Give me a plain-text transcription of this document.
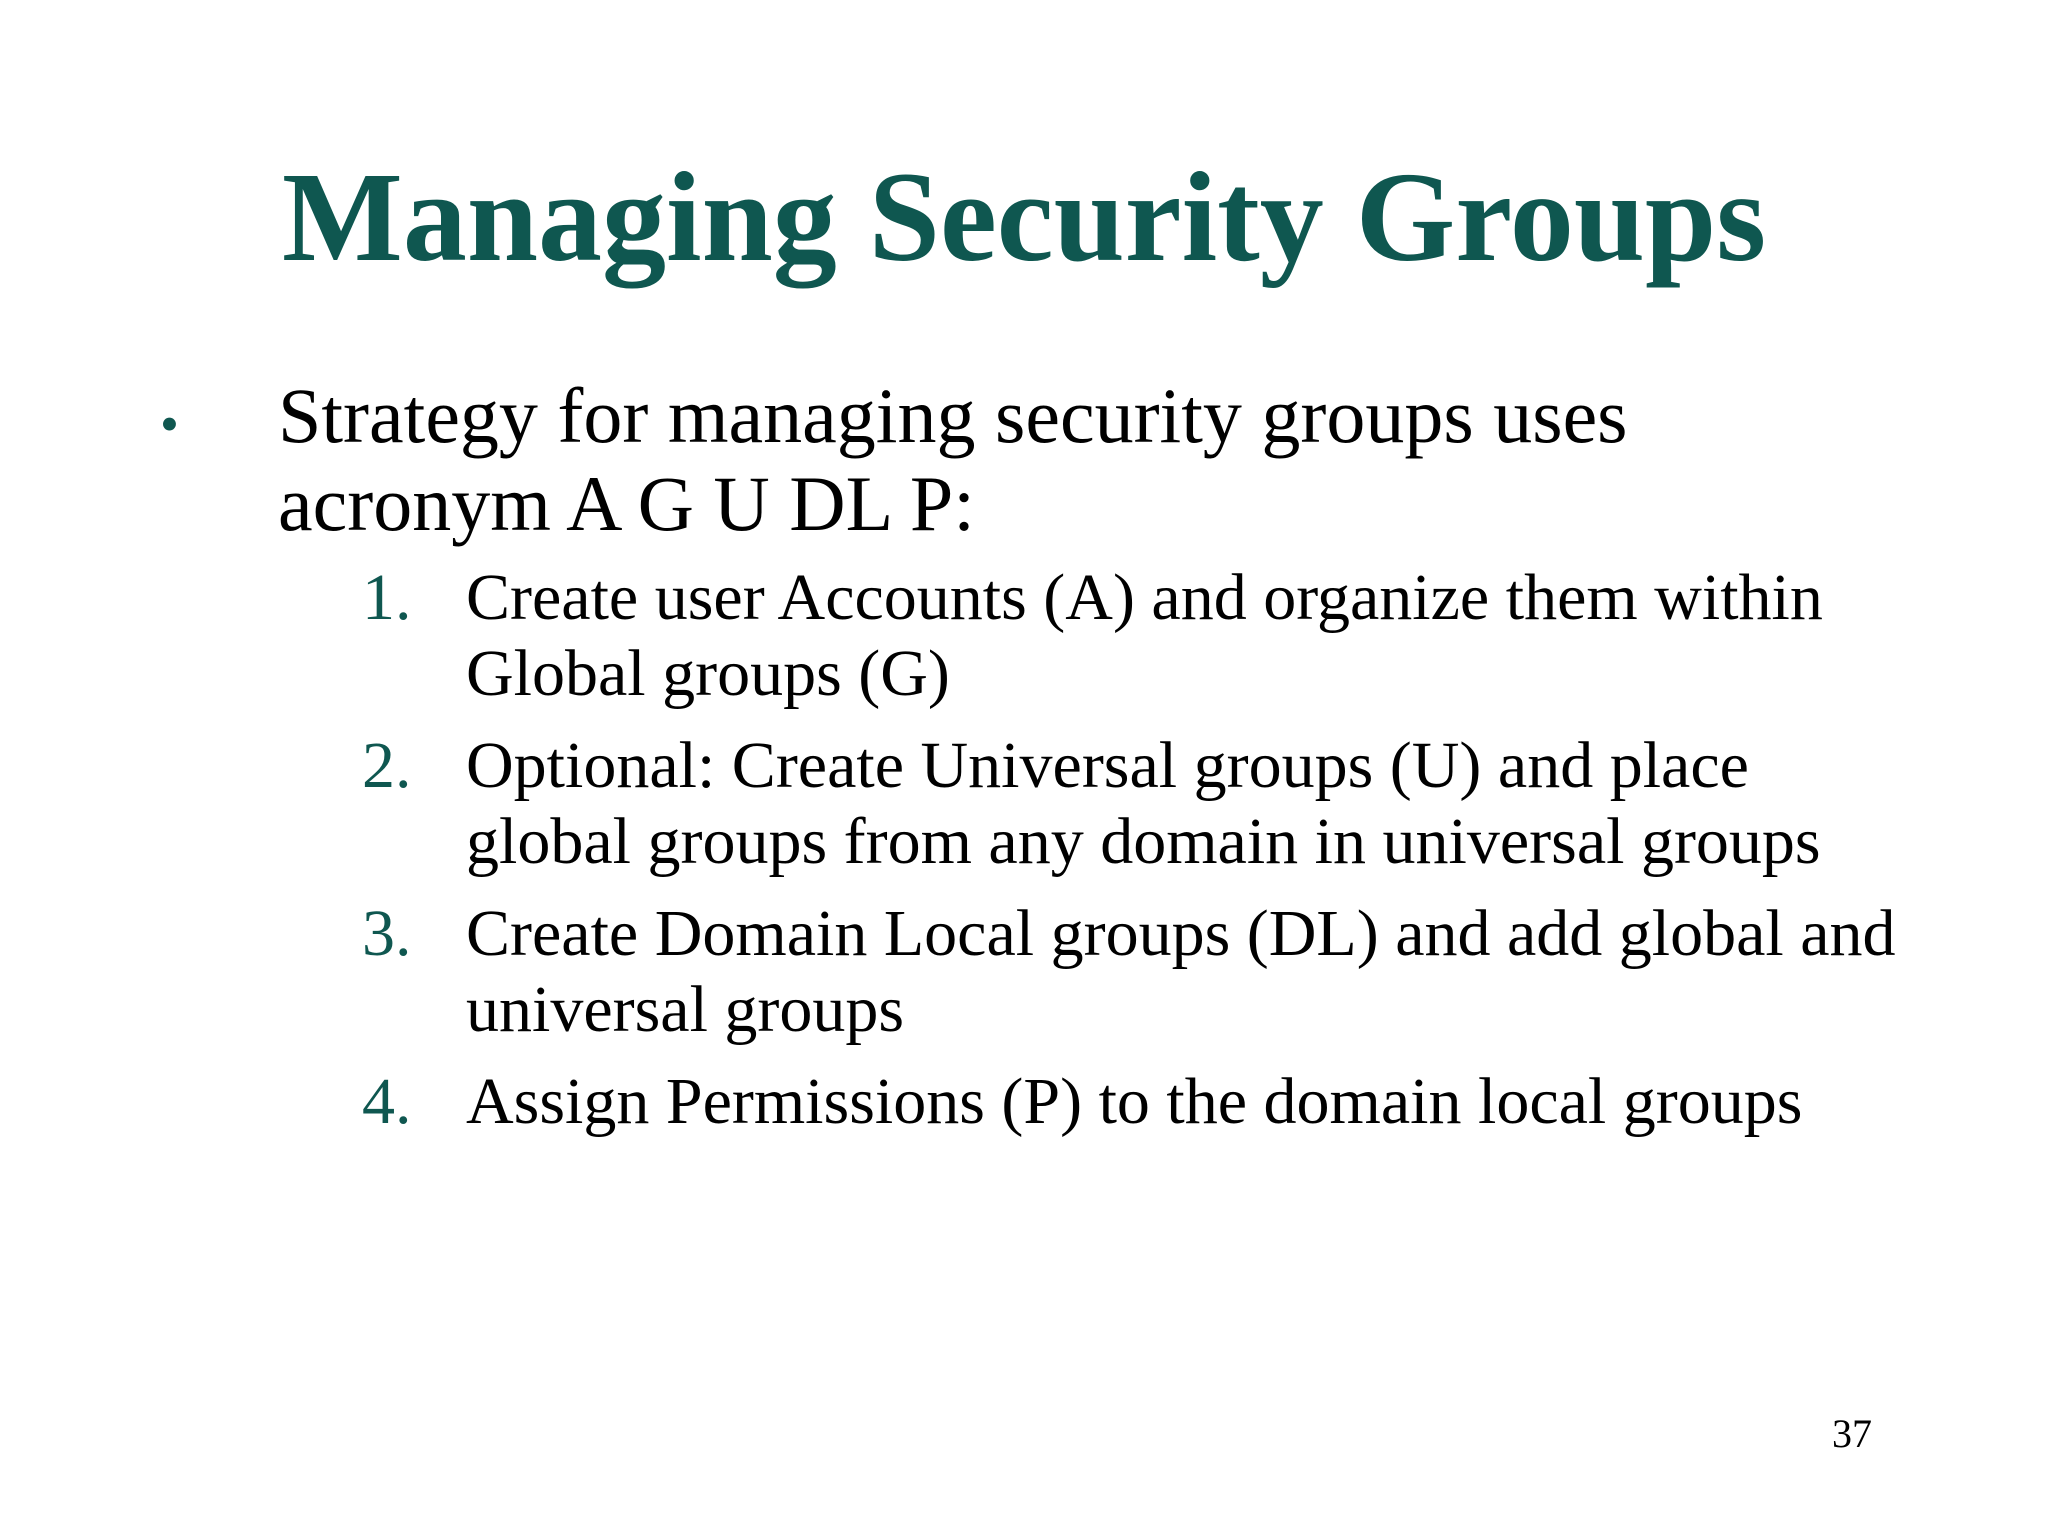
Managing Security Groups
• Strategy for managing security groups uses acronym A G U DL P:
1. Create user Accounts (A) and organize them within Global groups (G)
2. Optional: Create Universal groups (U) and place global groups from any domain in universal groups
3. Create Domain Local groups (DL) and add global and universal groups
4. Assign Permissions (P) to the domain local groups
37
